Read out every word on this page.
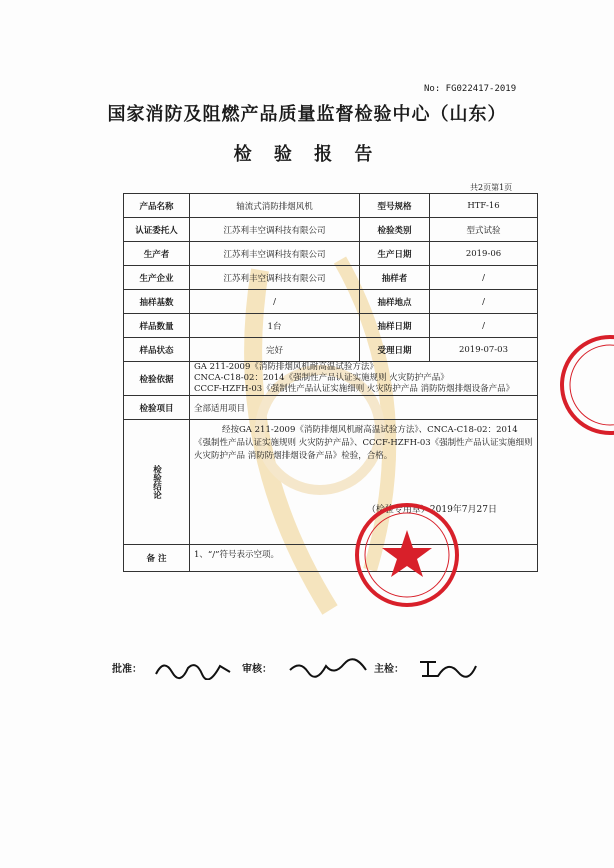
No: FG022417-2019
国家消防及阻燃产品质量监督检验中心（山东）
检 验 报 告
共2页第1页
产品名称	轴流式消防排烟风机	型号规格	HTF-16
认证委托人	江苏利丰空调科技有限公司	检验类别	型式试验
生产者	江苏利丰空调科技有限公司	生产日期	2019-06
生产企业	江苏利丰空调科技有限公司	抽样者	/
抽样基数	/	抽样地点	/
样品数量	1台	抽样日期	/
样品状态	完好	受理日期	2019-07-03
检验依据	GA 211-2009《消防排烟风机耐高温试验方法》

CNCA-C18-02：2014《强制性产品认证实施规则 火灾防护产品》

CCCF-HZFH-03《强制性产品认证实施细则 火灾防护产品 消防防烟排烟设备产品》		

检验项目	全部适用项目		
检验结论	经按GA 211-2009《消防排烟风机耐高温试验方法》、CNCA-C18-02：2014《强制性产品认证实施规则 火灾防护产品》、CCCF-HZFH-03《强制性产品认证实施细则 火灾防护产品 消防防烟排烟设备产品》检验，合格。
（检验专用章）2019年7月27日		

备 注	1、“/”符号表示空项。		
批准：	审核：	主检：
